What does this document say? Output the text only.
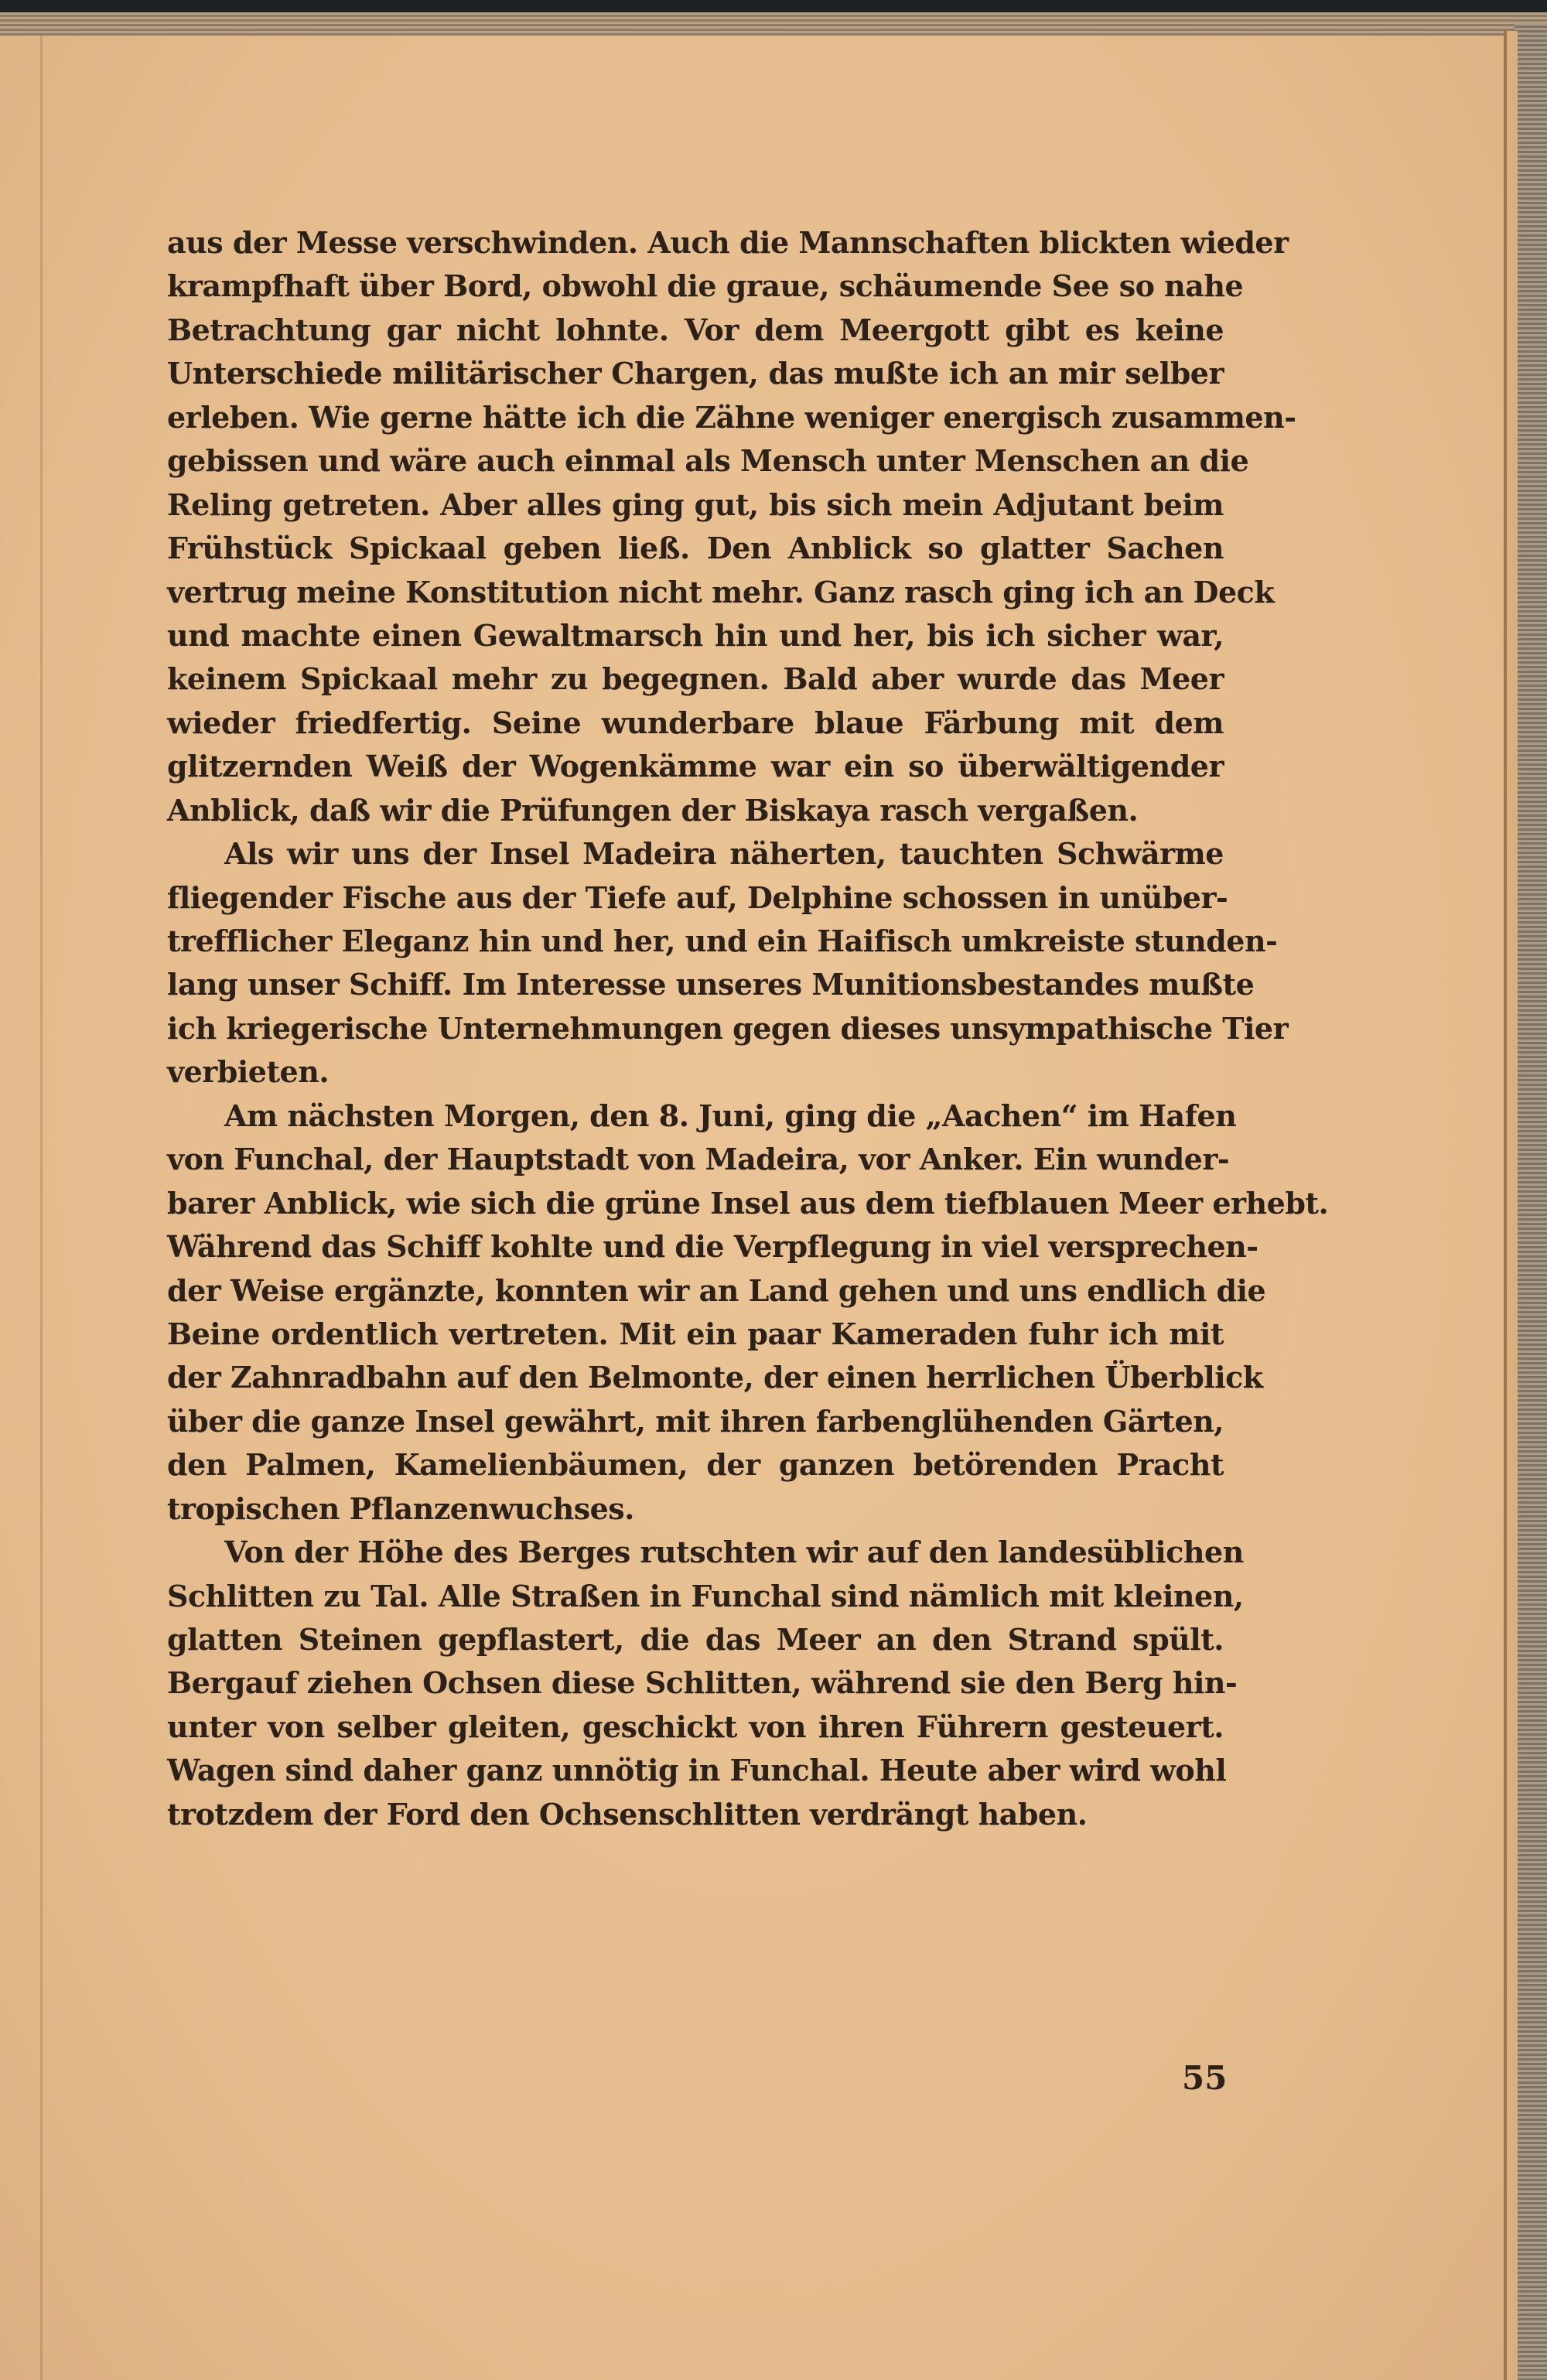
aus der Messe verschwinden. Auch die Mannschaften blickten wieder
krampfhaft über Bord, obwohl die graue, schäumende See so nahe
Betrachtung gar nicht lohnte. Vor dem Meergott gibt es keine
Unterschiede militärischer Chargen, das mußte ich an mir selber
erleben. Wie gerne hätte ich die Zähne weniger energisch zusammen-
gebissen und wäre auch einmal als Mensch unter Menschen an die
Reling getreten. Aber alles ging gut, bis sich mein Adjutant beim
Frühstück Spickaal geben ließ. Den Anblick so glatter Sachen
vertrug meine Konstitution nicht mehr. Ganz rasch ging ich an Deck
und machte einen Gewaltmarsch hin und her, bis ich sicher war,
keinem Spickaal mehr zu begegnen. Bald aber wurde das Meer
wieder friedfertig. Seine wunderbare blaue Färbung mit dem
glitzernden Weiß der Wogenkämme war ein so überwältigender
Anblick, daß wir die Prüfungen der Biskaya rasch vergaßen.
Als wir uns der Insel Madeira näherten, tauchten Schwärme
fliegender Fische aus der Tiefe auf, Delphine schossen in unüber-
trefflicher Eleganz hin und her, und ein Haifisch umkreiste stunden-
lang unser Schiff. Im Interesse unseres Munitionsbestandes mußte
ich kriegerische Unternehmungen gegen dieses unsympathische Tier
verbieten.
Am nächsten Morgen, den 8. Juni, ging die „Aachen“ im Hafen
von Funchal, der Hauptstadt von Madeira, vor Anker. Ein wunder-
barer Anblick, wie sich die grüne Insel aus dem tiefblauen Meer erhebt.
Während das Schiff kohlte und die Verpflegung in viel versprechen-
der Weise ergänzte, konnten wir an Land gehen und uns endlich die
Beine ordentlich vertreten. Mit ein paar Kameraden fuhr ich mit
der Zahnradbahn auf den Belmonte, der einen herrlichen Überblick
über die ganze Insel gewährt, mit ihren farbenglühenden Gärten,
den Palmen, Kamelienbäumen, der ganzen betörenden Pracht
tropischen Pflanzenwuchses.
Von der Höhe des Berges rutschten wir auf den landesüblichen
Schlitten zu Tal. Alle Straßen in Funchal sind nämlich mit kleinen,
glatten Steinen gepflastert, die das Meer an den Strand spült.
Bergauf ziehen Ochsen diese Schlitten, während sie den Berg hin-
unter von selber gleiten, geschickt von ihren Führern gesteuert.
Wagen sind daher ganz unnötig in Funchal. Heute aber wird wohl
trotzdem der Ford den Ochsenschlitten verdrängt haben.
55
